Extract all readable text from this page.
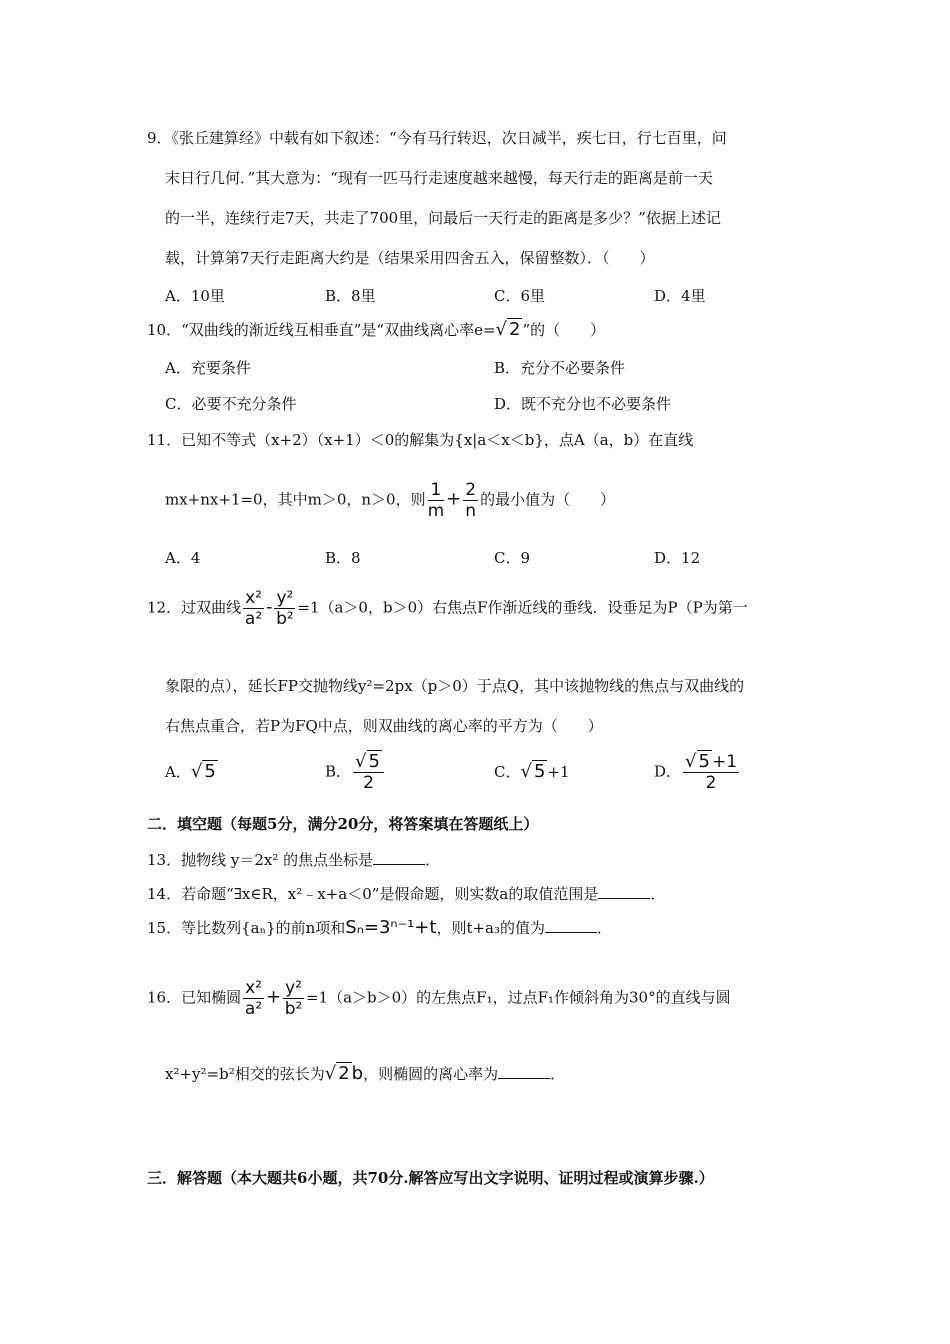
9．《张丘建算经》中载有如下叙述：“今有马行转迟，次日减半，疾七日，行七百里，问
末日行几何．”其大意为：“现有一匹马行走速度越来越慢，每天行走的距离是前一天
的一半，连续行走7天，共走了700里，问最后一天行走的距离是多少？”依据上述记
载，计算第7天行走距离大约是（结果采用四舍五入，保留整数）．（　　）
A．10里	B．8里	C．6里	D．4里
10．“双曲线的渐近线互相垂直”是“双曲线离心率e=√ 2 ”的（　　）
A．充要条件	B．充分不必要条件
C．必要不充分条件	D．既不充分也不必要条件
11．已知不等式（x+2）（x+1）＜0的解集为{x|a＜x＜b}，点A（a，b）在直线
mx+nx+1=0，其中m＞0，n＞0，则 $\frac{1}{m} + \frac{2}{n}$ 的最小值为（　　）
A．4	B．8	C．9	D．12
12．过双曲线 $\frac{\text{x²}}{\text{a²}} - \frac{\text{y²}}{\text{b²}} =1(a>0$，b＞0）右焦点F作渐近线的垂线．设垂足为P（P为第一
象限的点），延长FP交抛物线y²=2px（p＞0）于点Q，其中该抛物线的焦点与双曲线的
右焦点重合，若P为FQ中点，则双曲线的离心率的平方为（　　）
A．√ 5	B． $\frac{√ 5}{2}$	C．√ 5 +1	D． $\frac{√ 5 +1}{2}$
二．填空题（每题5分，满分20分，将答案填在答题纸上）
13．抛物线 y＝2x² 的焦点坐标是	．
14．若命题“∃x∈R，x²﹣x+a＜0”是假命题，则实数a的取值范围是	．
15．等比数列{aₙ}的前n项和Sₙ=3ⁿ⁻¹+t，则t+a₃的值为	．
16．已知椭圆 $\frac{\text{x²}}{\text{a²}} + \frac{\text{y²}}{\text{b²}} =1(a>b>0)$的左焦点F₁，过点F₁作倾斜角为30°的直线与圆
x²+y²=b²相交的弦长为√ 2 b，则椭圆的离心率为	．
三．解答题（本大题共6小题，共70分.解答应写出文字说明、证明过程或演算步骤.）
